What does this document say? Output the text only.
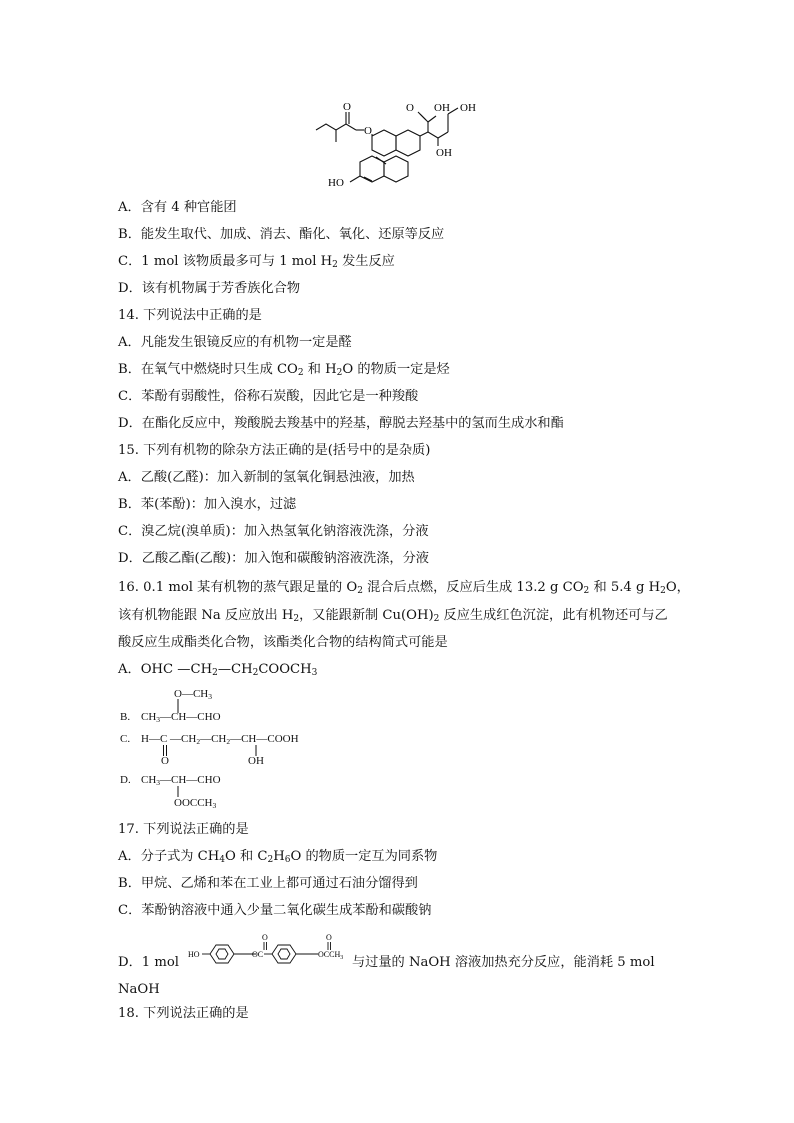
O
O
O OH OH
OH
HO
A．含有 4 种官能团
B．能发生取代、加成、消去、酯化、氧化、还原等反应
C．1 mol 该物质最多可与 1 mol $H_2$ 发生反应
D．该有机物属于芳香族化合物
14. 下列说法中正确的是
A．凡能发生银镜反应的有机物一定是醛
B．在氧气中燃烧时只生成 $CO_2$ 和 $H_2O$ 的物质一定是烃
C．苯酚有弱酸性，俗称石炭酸，因此它是一种羧酸
D．在酯化反应中，羧酸脱去羧基中的羟基，醇脱去羟基中的氢而生成水和酯
15. 下列有机物的除杂方法正确的是(括号中的是杂质)
A．乙酸(乙醛)：加入新制的氢氧化铜悬浊液，加热
B．苯(苯酚)：加入溴水，过滤
C．溴乙烷(溴单质)：加入热氢氧化钠溶液洗涤，分液
D．乙酸乙酯(乙酸)：加入饱和碳酸钠溶液洗涤，分液
16. 0.1 mol 某有机物的蒸气跟足量的 $O_2$ 混合后点燃，反应后生成 13.2 g $CO_2$ 和 5.4 g $H_2O$，
该有机物能跟 Na 反应放出 $H_2$，又能跟新制 $Cu(OH)_2$ 反应生成红色沉淀，此有机物还可与乙
酸反应生成酯类化合物，该酯类化合物的结构简式可能是
A．OHC $—CH_2—CH_2COOCH_3$
$O—CH_3$
B. $CH_3—CH—CHO$
C. H—C $—CH_2—CH_2—CH—COOH$
O	OH
D. $CH_3—CH—CHO$
$OOCCH_3$
17. 下列说法正确的是
A．分子式为 $CH_4O$ 和 $C_2H_6O$ 的物质一定互为同系物
B．甲烷、乙烯和苯在工业上都可通过石油分馏得到
C．苯酚钠溶液中通入少量二氧化碳生成苯酚和碳酸钠
D．1 mol
HO
O
OC
O
$OCCH_3$ 与过量的 NaOH 溶液加热充分反应，能消耗 5 mol
NaOH
18. 下列说法正确的是
